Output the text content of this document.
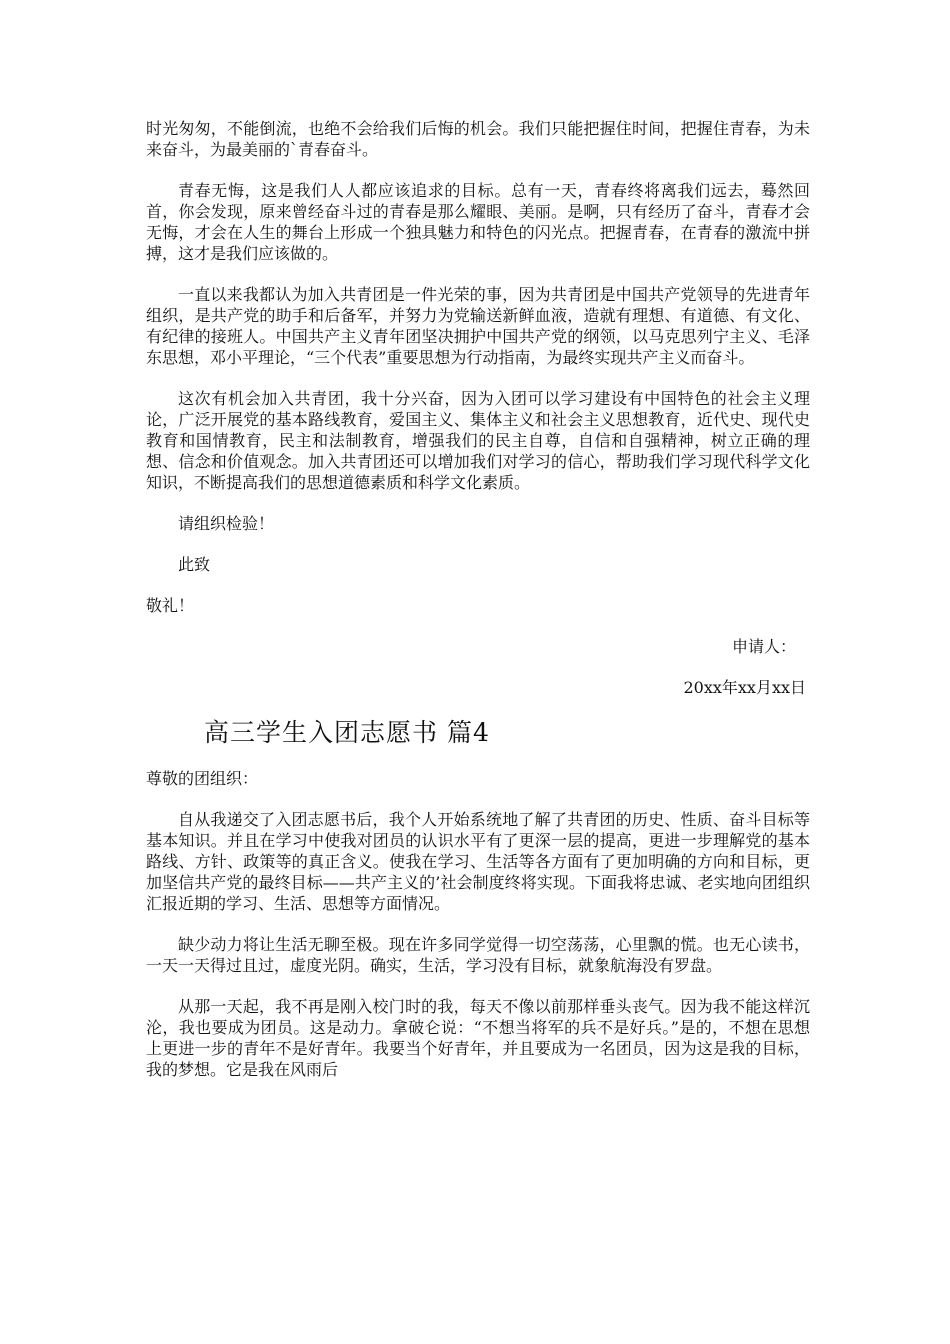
时光匆匆，不能倒流，也绝不会给我们后悔的机会。我们只能把握住时间，把握住青春，为未来奋斗，为最美丽的`青春奋斗。

青春无悔，这是我们人人都应该追求的目标。总有一天，青春终将离我们远去，蓦然回首，你会发现，原来曾经奋斗过的青春是那么耀眼、美丽。是啊，只有经历了奋斗，青春才会无悔，才会在人生的舞台上形成一个独具魅力和特色的闪光点。把握青春，在青春的激流中拼搏，这才是我们应该做的。

一直以来我都认为加入共青团是一件光荣的事，因为共青团是中国共产党领导的先进青年组织，是共产党的助手和后备军，并努力为党输送新鲜血液，造就有理想、有道德、有文化、有纪律的接班人。中国共产主义青年团坚决拥护中国共产党的纲领，以马克思列宁主义、毛泽东思想，邓小平理论，“三个代表”重要思想为行动指南，为最终实现共产主义而奋斗。

这次有机会加入共青团，我十分兴奋，因为入团可以学习建设有中国特色的社会主义理论，广泛开展党的基本路线教育，爱国主义、集体主义和社会主义思想教育，近代史、现代史教育和国情教育，民主和法制教育，增强我们的民主自尊，自信和自强精神，树立正确的理想、信念和价值观念。加入共青团还可以增加我们对学习的信心，帮助我们学习现代科学文化知识，不断提高我们的思想道德素质和科学文化素质。

请组织检验！

此致

敬礼！

申请人：

20xx年xx月xx日

高三学生入团志愿书 篇4

尊敬的团组织：

自从我递交了入团志愿书后，我个人开始系统地了解了共青团的历史、性质、奋斗目标等基本知识。并且在学习中使我对团员的认识水平有了更深一层的提高，更进一步理解党的基本路线、方针、政策等的真正含义。使我在学习、生活等各方面有了更加明确的方向和目标，更加坚信共产党的最终目标——共产主义的’社会制度终将实现。下面我将忠诚、老实地向团组织汇报近期的学习、生活、思想等方面情况。

缺少动力将让生活无聊至极。现在许多同学觉得一切空荡荡，心里飘的慌。也无心读书，一天一天得过且过，虚度光阴。确实，生活，学习没有目标，就象航海没有罗盘。

从那一天起，我不再是刚入校门时的我，每天不像以前那样垂头丧气。因为我不能这样沉沦，我也要成为团员。这是动力。拿破仑说：“不想当将军的兵不是好兵。”是的，不想在思想上更进一步的青年不是好青年。我要当个好青年，并且要成为一名团员，因为这是我的目标，我的梦想。它是我在风雨后
